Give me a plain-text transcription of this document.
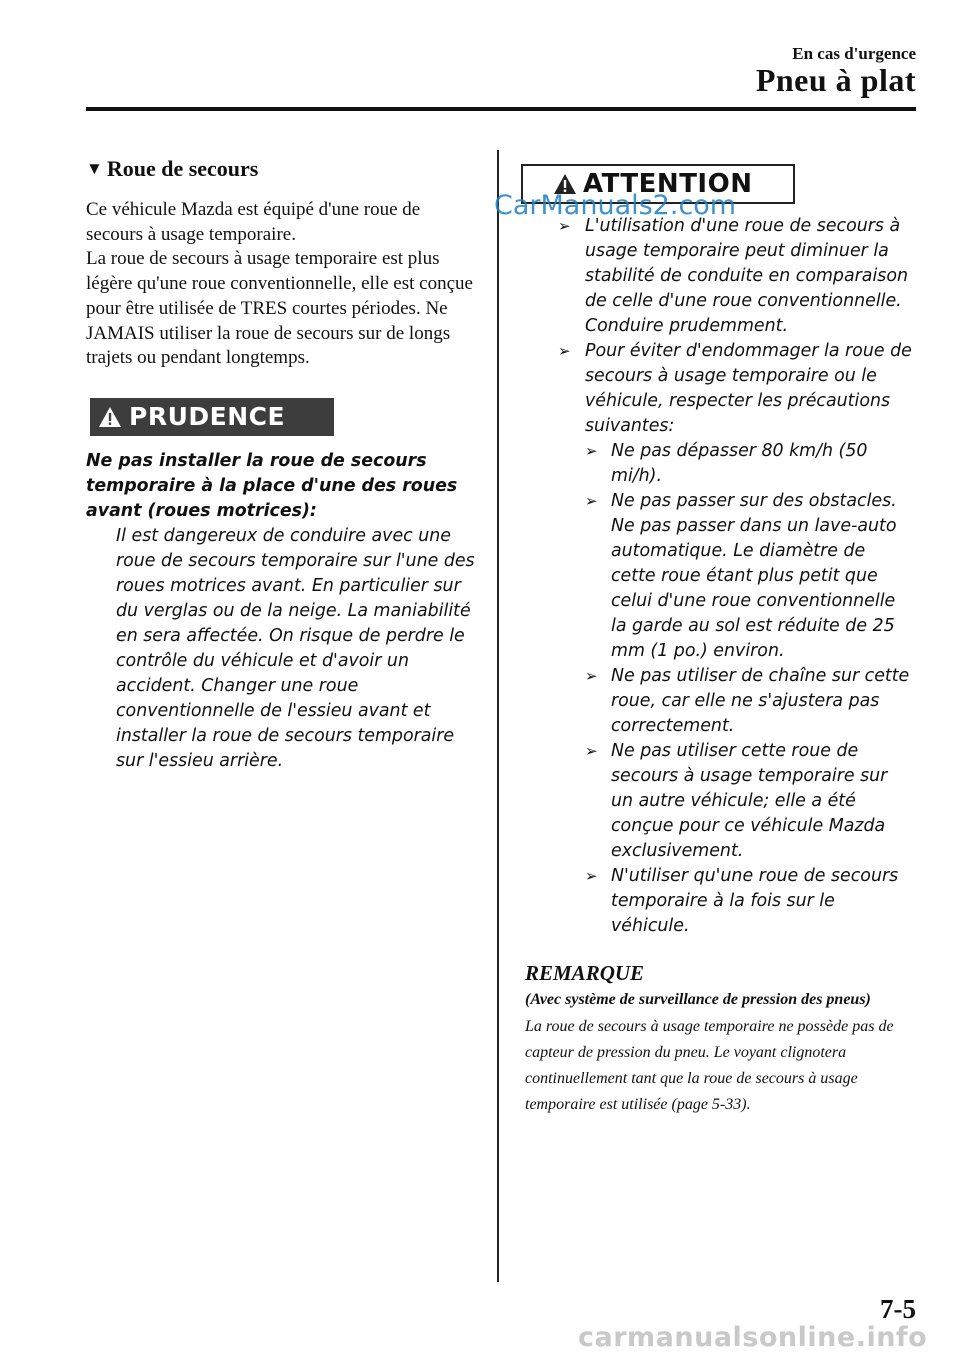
En cas d'urgence
Pneu à plat
▼ Roue de secours
Ce véhicule Mazda est équipé d'une roue de secours à usage temporaire.
La roue de secours à usage temporaire est plus légère qu'une roue conventionnelle, elle est conçue pour être utilisée de TRES courtes périodes. Ne JAMAIS utiliser la roue de secours sur de longs trajets ou pendant longtemps.
PRUDENCE
Ne pas installer la roue de secours temporaire à la place d'une des roues avant (roues motrices):
Il est dangereux de conduire avec une roue de secours temporaire sur l'une des roues motrices avant. En particulier sur du verglas ou de la neige. La maniabilité en sera affectée. On risque de perdre le contrôle du véhicule et d'avoir un accident. Changer une roue conventionnelle de l'essieu avant et installer la roue de secours temporaire sur l'essieu arrière.
ATTENTION
➢ L'utilisation d'une roue de secours à usage temporaire peut diminuer la stabilité de conduite en comparaison de celle d'une roue conventionnelle. Conduire prudemment.
➢ Pour éviter d'endommager la roue de secours à usage temporaire ou le véhicule, respecter les précautions suivantes:
➢ Ne pas dépasser 80 km/h (50 mi/h).
➢ Ne pas passer sur des obstacles. Ne pas passer dans un lave-auto automatique. Le diamètre de cette roue étant plus petit que celui d'une roue conventionnelle la garde au sol est réduite de 25 mm (1 po.) environ.
➢ Ne pas utiliser de chaîne sur cette roue, car elle ne s'ajustera pas correctement.
➢ Ne pas utiliser cette roue de secours à usage temporaire sur un autre véhicule; elle a été conçue pour ce véhicule Mazda exclusivement.
➢ N'utiliser qu'une roue de secours temporaire à la fois sur le véhicule.
REMARQUE
(Avec système de surveillance de pression des pneus)
La roue de secours à usage temporaire ne possède pas de capteur de pression du pneu. Le voyant clignotera continuellement tant que la roue de secours à usage temporaire est utilisée (page 5-33).
CarManuals2.com
7-5
carmanualsonline.info
